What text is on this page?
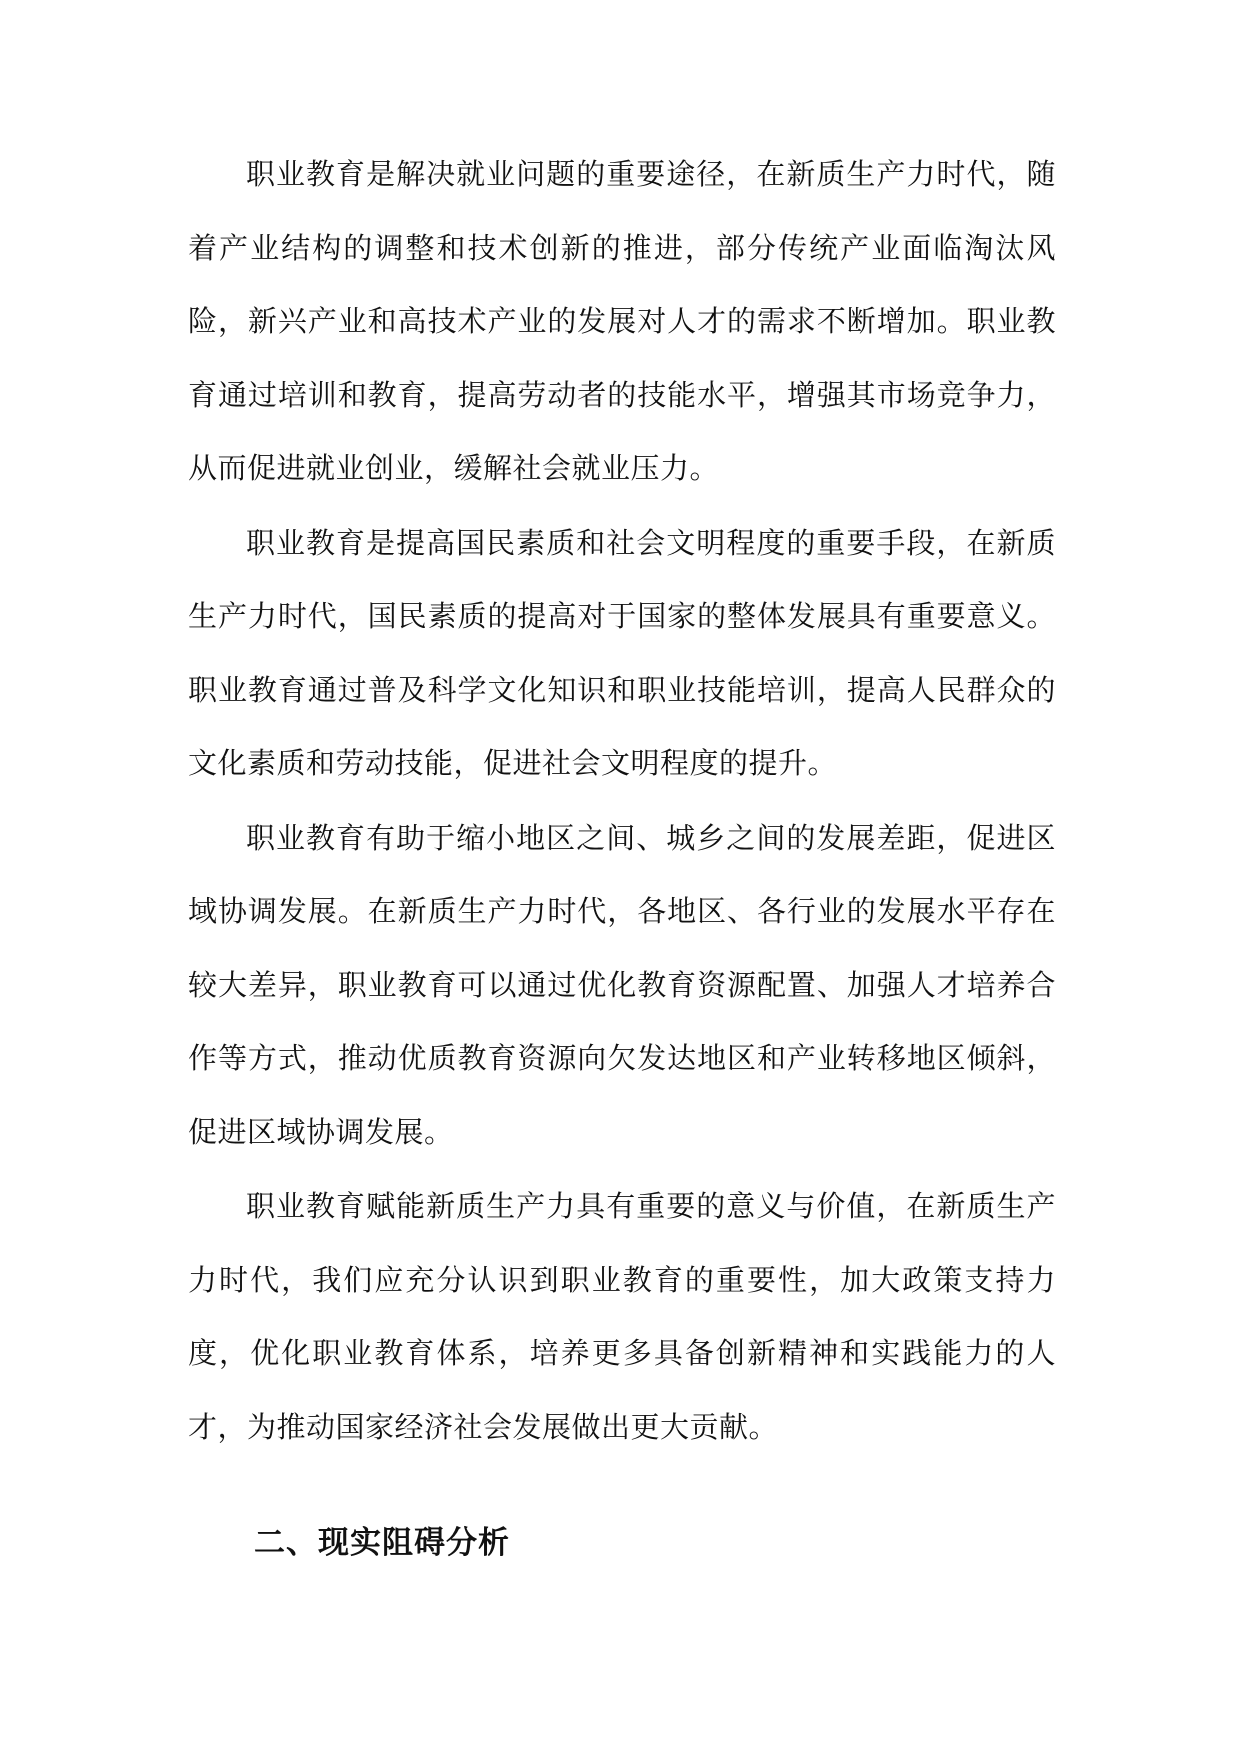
职业教育是解决就业问题的重要途径，在新质生产力时代，随着产业结构的调整和技术创新的推进，部分传统产业面临淘汰风险，新兴产业和高技术产业的发展对人才的需求不断增加。职业教育通过培训和教育，提高劳动者的技能水平，增强其市场竞争力，从而促进就业创业，缓解社会就业压力。

职业教育是提高国民素质和社会文明程度的重要手段，在新质生产力时代，国民素质的提高对于国家的整体发展具有重要意义。职业教育通过普及科学文化知识和职业技能培训，提高人民群众的文化素质和劳动技能，促进社会文明程度的提升。

职业教育有助于缩小地区之间、城乡之间的发展差距，促进区域协调发展。在新质生产力时代，各地区、各行业的发展水平存在较大差异，职业教育可以通过优化教育资源配置、加强人才培养合作等方式，推动优质教育资源向欠发达地区和产业转移地区倾斜，促进区域协调发展。

职业教育赋能新质生产力具有重要的意义与价值，在新质生产力时代，我们应充分认识到职业教育的重要性，加大政策支持力度，优化职业教育体系，培养更多具备创新精神和实践能力的人才，为推动国家经济社会发展做出更大贡献。

二、现实阻碍分析
